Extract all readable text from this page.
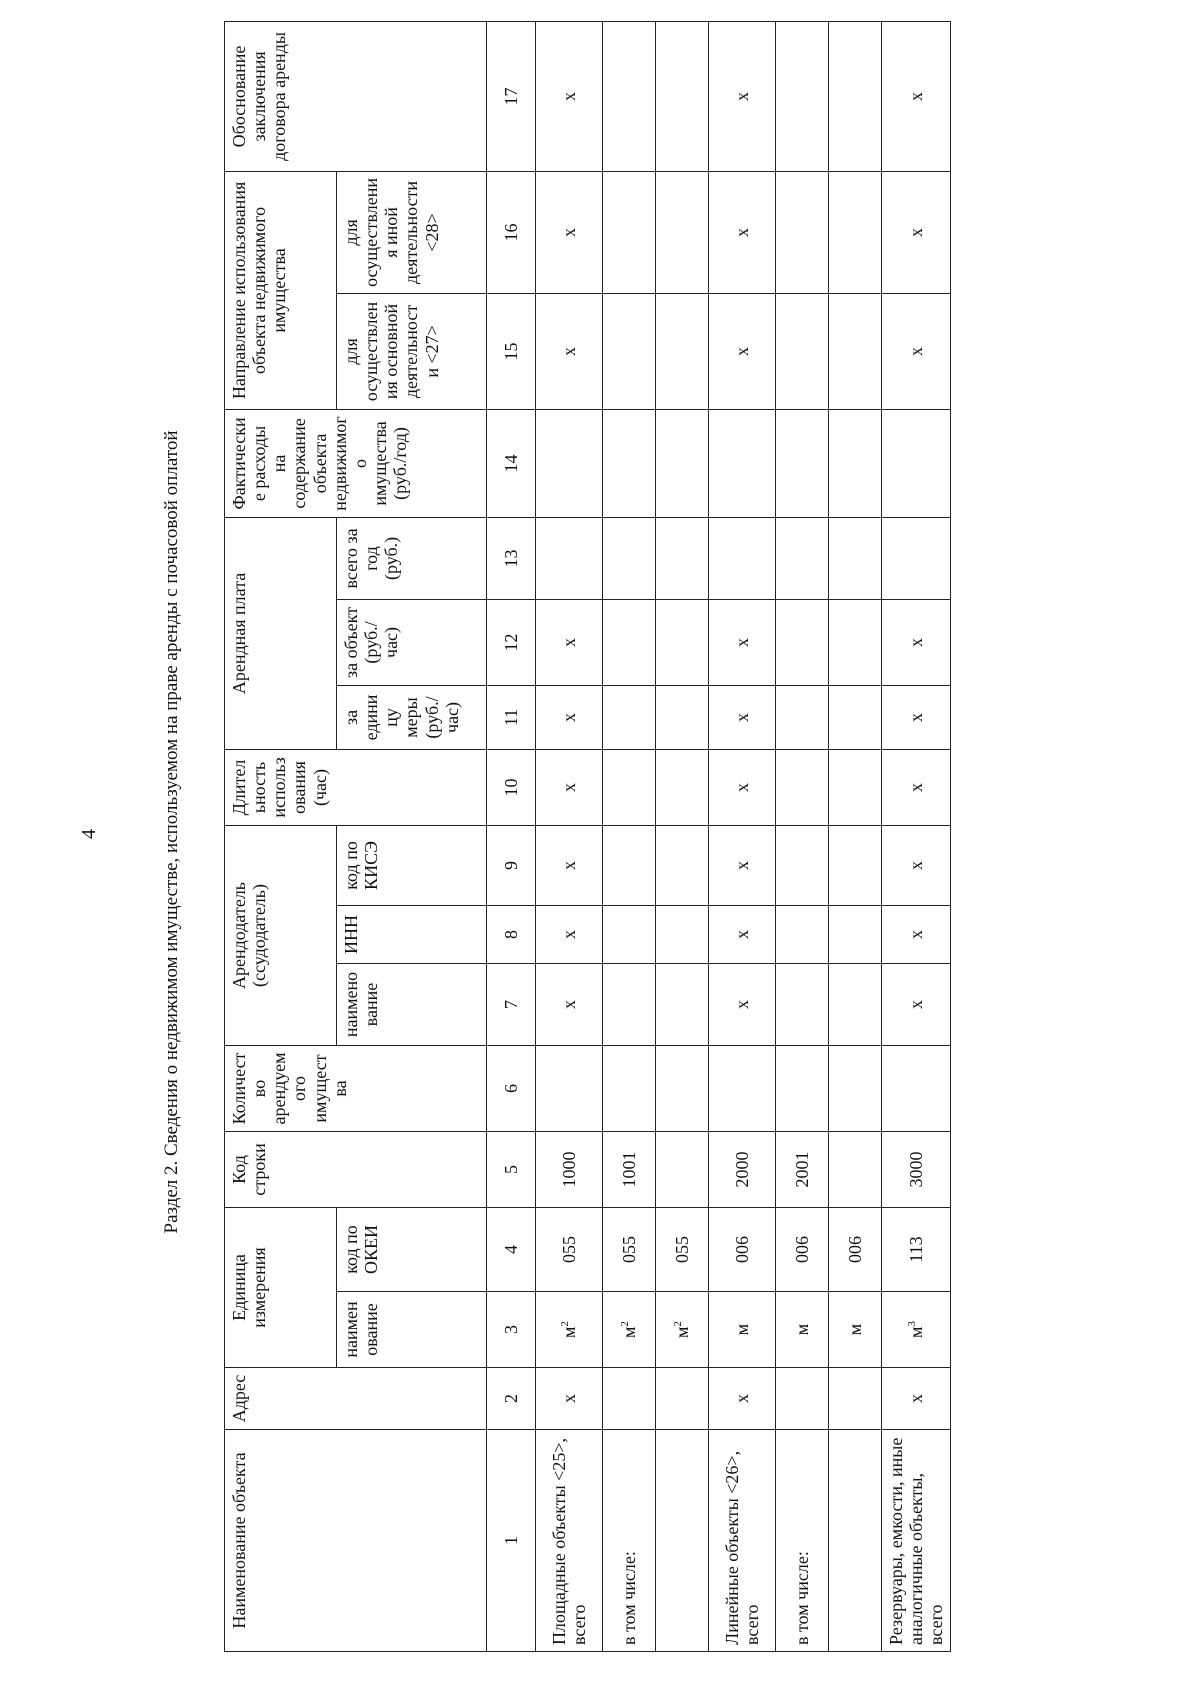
4	Раздел 2. Сведения о недвижимом имуществе, используемом на праве аренды с почасовой оплатой
Наименование объекта	Адрес	Единица измерения		Код строки	Количество арендуемого имущества	Арендодатель (ссудодатель)			Длительность использования (час)	Арендная плата			Фактические расходы на содержание объекта недвижимого имущества (руб./год)	Направление использования объекта недвижимого имущества		Обоснование заключения договора аренды
		наименование	код по ОКЕИ			наименование	ИНН	код по КИСЭ		за единицу меры (руб./час)	за объект (руб./час)	всего за год (руб.)		для осуществления основной деятельности <27>	для осуществления иной деятельности <28>	
1	2	3	4	5	6	7	8	9	10	11	12	13	14	15	16	17
Площадные объекты <25>, всего	х	$м^2$	055	1000		х	х	х	х	х	х			х	х	х
в том числе:		$м^2$	055	1001												
		$м^2$	055													
Линейные объекты <26>, всего	х	м	006	2000		х	х	х	х	х	х			х	х	х
в том числе:		м	006	2001												
		м	006													
Резервуары, емкости, иные аналогичные объекты, всего	х	$м^3$	113	3000		х	х	х	х	х	х			х	х	х
